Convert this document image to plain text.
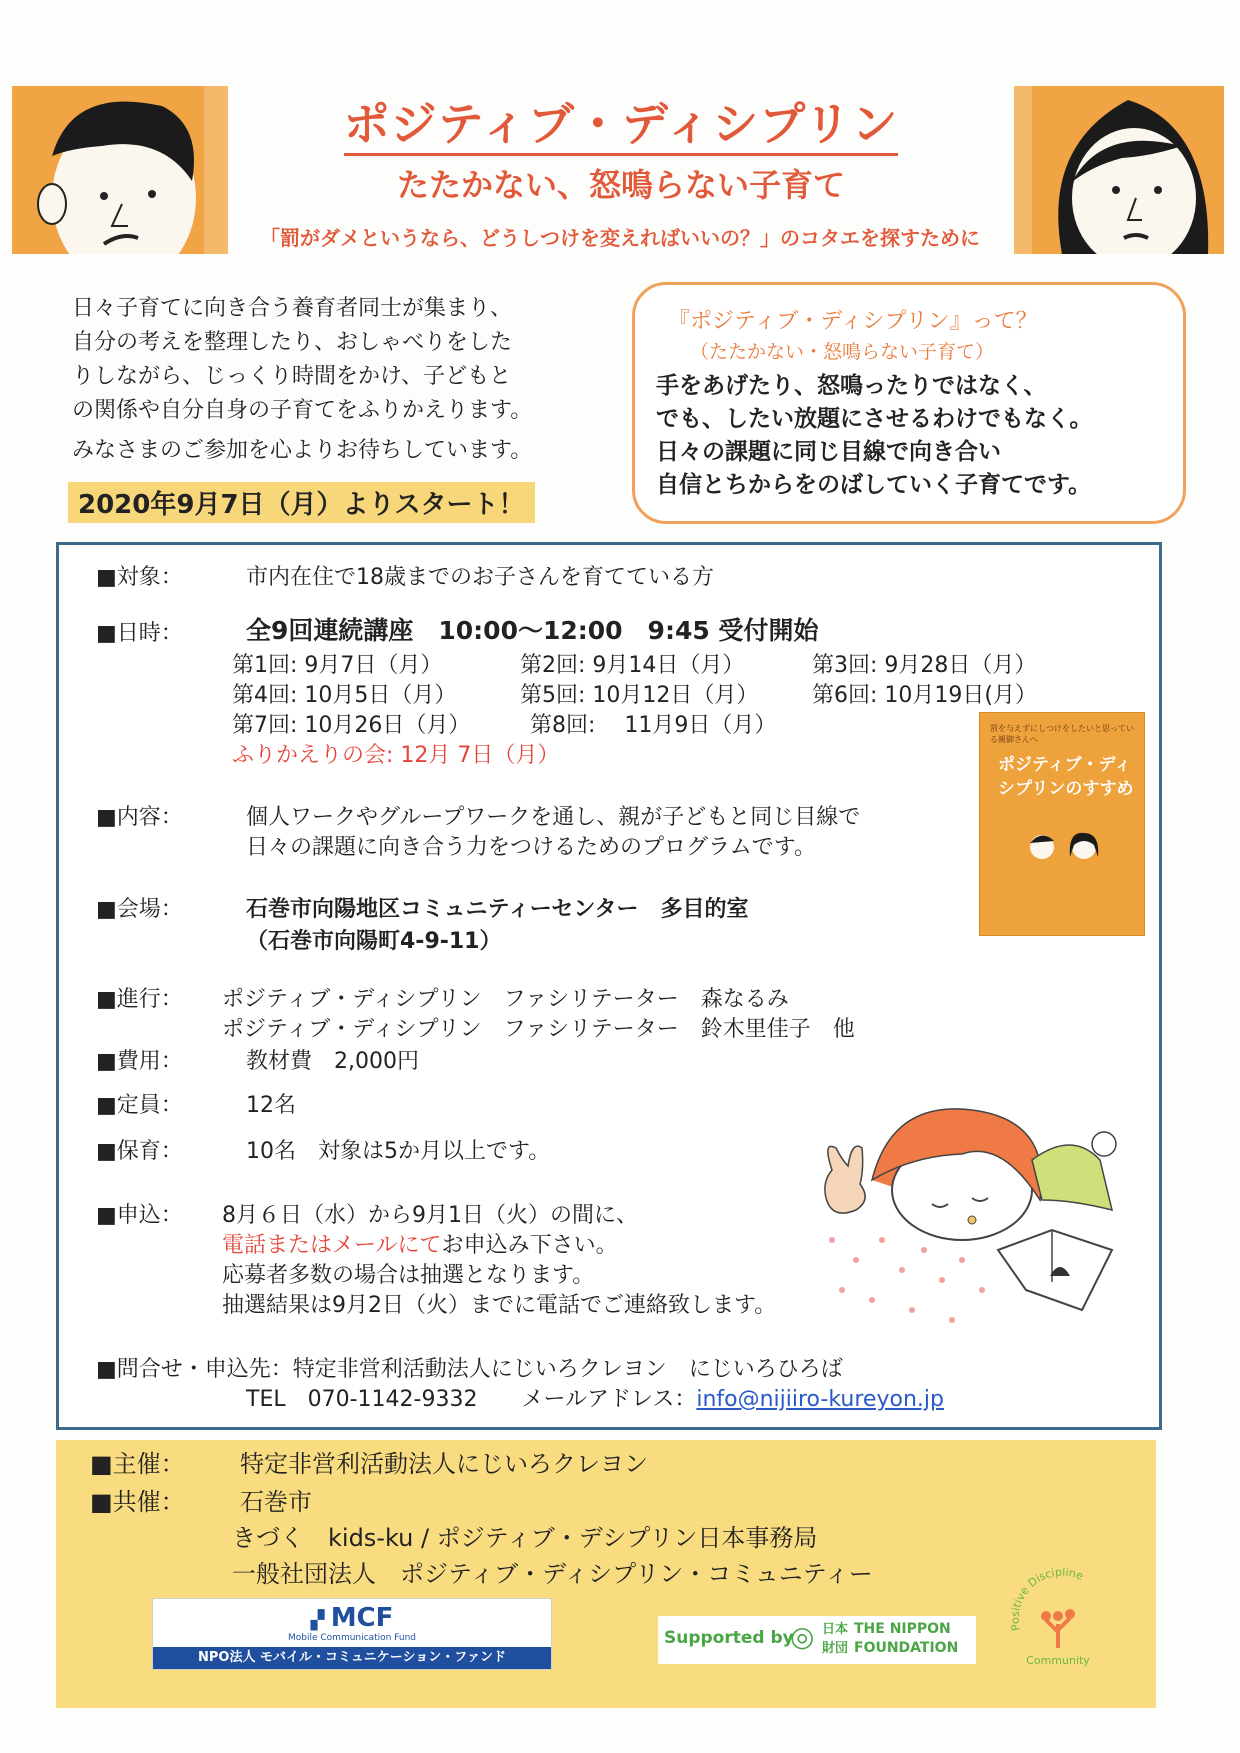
ポジティブ・ディシプリン
たたかない、怒鳴らない子育て
「罰がダメというなら、どうしつけを変えればいいの？」のコタエを探すために

日々子育てに向き合う養育者同士が集まり、
自分の考えを整理したり、おしゃべりをした
りしながら、じっくり時間をかけ、子どもと
の関係や自分自身の子育てをふりかえります。

みなさまのご参加を心よりお待ちしています。

2020年9月7日（月）よりスタート！
『ポジティブ・ディシプリン』って？
（たたかない・怒鳴らない子育て）
手をあげたり、怒鳴ったりではなく、
でも、したい放題にさせるわけでもなく。
日々の課題に同じ目線で向き合い
自信とちからをのばしていく子育てです。
■対象：	市内在住で18歳までのお子さんを育てている方
■日時：	全9回連続講座　10:00～12:00　9:45 受付開始
第1回: 9月7日（月）	第2回: 9月14日（月）	第3回: 9月28日（月）
第4回: 10月5日（月）	第5回: 10月12日（月） 第6回: 10月19日(月）
第7回: 10月26日（月）	第8回:　 11月9日（月）
ふりかえりの会: 12月 7日（月）
■内容：	個人ワークやグループワークを通し、親が子どもと同じ目線で
日々の課題に向き合う力をつけるためのプログラムです。
■会場：	石巻市向陽地区コミュニティーセンター　多目的室
（石巻市向陽町4-9-11）
罰を与えずにしつけをしたいと思っている親御さんへ
ポジティブ・ディシプリンのすすめ
■進行： ポジティブ・ディシプリン　ファシリテーター　森なるみ
ポジティブ・ディシプリン　ファシリテーター　鈴木里佳子　他
■費用：	教材費　2,000円
■定員：	12名
■保育：	10名　対象は5か月以上です。
■申込： 8月６日（水）から9月1日（火）の間に、
電話またはメールにてお申込み下さい。
応募者多数の場合は抽選となります。
抽選結果は9月2日（火）までに電話でご連絡致します。
■問合せ・申込先：特定非営利活動法人にじいろクレヨン　にじいろひろば
TEL　070-1142-9332　　メールアドレス：info@nijiiro-kureyon.jp
■主催： 特定非営利活動法人にじいろクレヨン
■共催： 石巻市
きづく　kids-ku / ポジティブ・デシプリン日本事務局
一般社団法人　ポジティブ・ディシプリン・コミュニティー
▞ MCF
Mobile Communication Fund
NPO法人 モバイル・コミュニケーション・ファンド
Supported by
◎ 日本財団
THE NIPPON FOUNDATION
Positive Discipline
Community
